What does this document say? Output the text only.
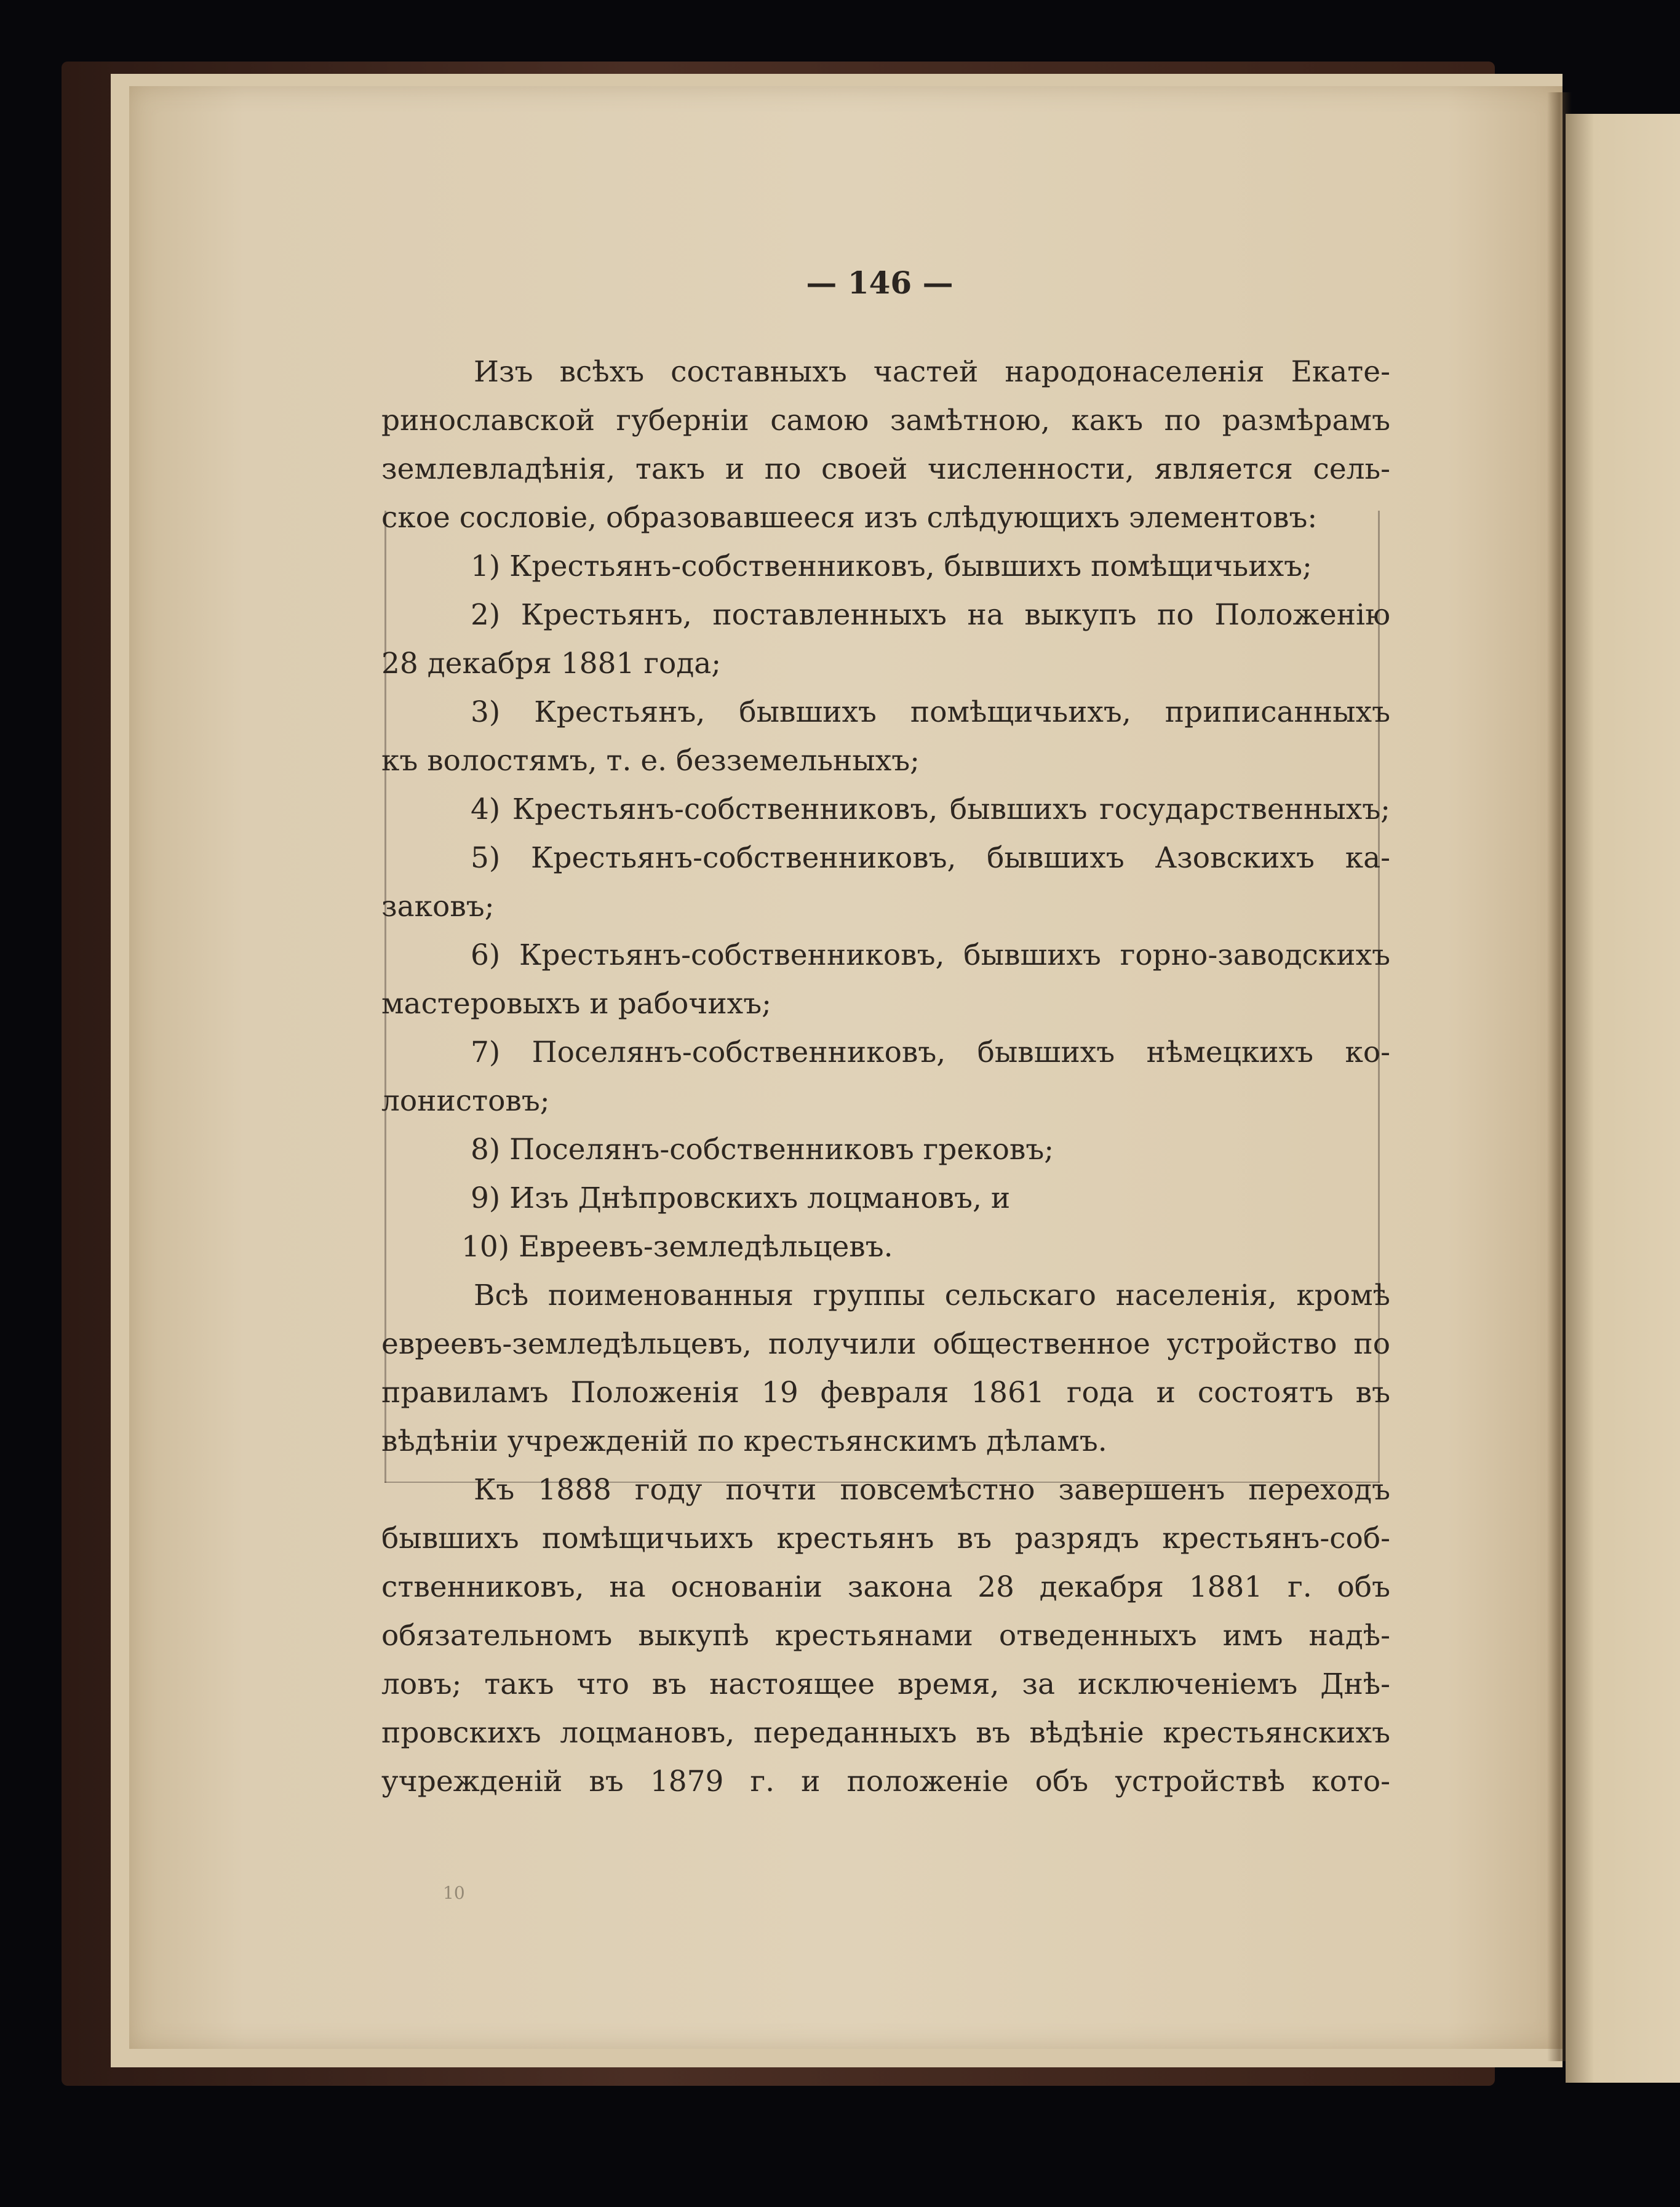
— 146 —

Изъ всѣхъ составныхъ частей народонаселенія Екате-

ринославской губерніи самою замѣтною, какъ по размѣрамъ

землевладѣнія, такъ и по своей численности, является сель-

ское сословіе, образовавшееся изъ слѣдующихъ элементовъ:

1) Крестьянъ-собственниковъ, бывшихъ помѣщичьихъ;

2) Крестьянъ, поставленныхъ на выкупъ по Положенію

28 декабря 1881 года;

3) Крестьянъ, бывшихъ помѣщичьихъ, приписанныхъ

къ волостямъ, т. е. безземельныхъ;

4) Крестьянъ-собственниковъ, бывшихъ государственныхъ;

5) Крестьянъ-собственниковъ, бывшихъ Азовскихъ ка-

заковъ;

6) Крестьянъ-собственниковъ, бывшихъ горно-заводскихъ

мастеровыхъ и рабочихъ;

7) Поселянъ-собственниковъ, бывшихъ нѣмецкихъ ко-

лонистовъ;

8) Поселянъ-собственниковъ грековъ;

9) Изъ Днѣпровскихъ лоцмановъ, и

10) Евреевъ-земледѣльцевъ.

Всѣ поименованныя группы сельскаго населенія, кромѣ

евреевъ-земледѣльцевъ, получили общественное устройство по

правиламъ Положенія 19 февраля 1861 года и состоятъ въ

вѣдѣніи учрежденій по крестьянскимъ дѣламъ.

Къ 1888 году почти повсемѣстно завершенъ переходъ

бывшихъ помѣщичьихъ крестьянъ въ разрядъ крестьянъ-соб-

ственниковъ, на основаніи закона 28 декабря 1881 г. объ

обязательномъ выкупѣ крестьянами отведенныхъ имъ надѣ-

ловъ; такъ что въ настоящее время, за исключеніемъ Днѣ-

провскихъ лоцмановъ, переданныхъ въ вѣдѣніе крестьянскихъ

учрежденій въ 1879 г. и положеніе объ устройствѣ кото-

10
